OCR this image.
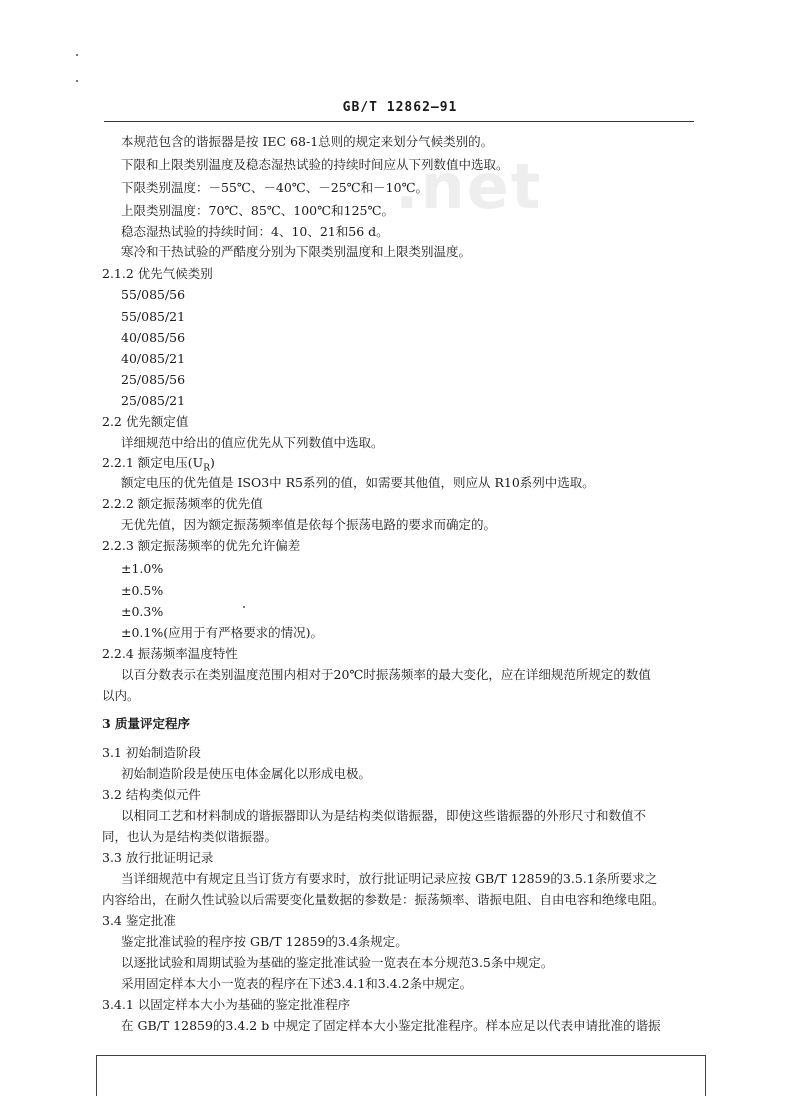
.net
GB/T 12862—91
本规范包含的谐振器是按 IEC 68-1总则的规定来划分气候类别的。
下限和上限类别温度及稳态湿热试验的持续时间应从下列数值中选取。
下限类别温度：－55℃、－40℃、－25℃和－10℃。
上限类别温度：70℃、85℃、100℃和125℃。
稳态湿热试验的持续时间：4、10、21和56 d。
寒冷和干热试验的严酷度分别为下限类别温度和上限类别温度。
2.1.2 优先气候类别
55/085/56
55/085/21
40/085/56
40/085/21
25/085/56
25/085/21
2.2 优先额定值
详细规范中给出的值应优先从下列数值中选取。
2.2.1 额定电压$(U_R)$
额定电压的优先值是 ISO3中 R5系列的值，如需要其他值，则应从 R10系列中选取。
2.2.2 额定振荡频率的优先值
无优先值，因为额定振荡频率值是依每个振荡电路的要求而确定的。
2.2.3 额定振荡频率的优先允许偏差
±1.0%
±0.5%
±0.3%
±0.1%(应用于有严格要求的情况)。
2.2.4 振荡频率温度特性
以百分数表示在类别温度范围内相对于20℃时振荡频率的最大变化，应在详细规范所规定的数值
以内。
3 质量评定程序
3.1 初始制造阶段
初始制造阶段是使压电体金属化以形成电极。
3.2 结构类似元件
以相同工艺和材料制成的谐振器即认为是结构类似谐振器，即使这些谐振器的外形尺寸和数值不
同，也认为是结构类似谐振器。
3.3 放行批证明记录
当详细规范中有规定且当订货方有要求时，放行批证明记录应按 GB/T 12859的3.5.1条所要求之
内容给出，在耐久性试验以后需要变化量数据的参数是：振荡频率、谐振电阻、自由电容和绝缘电阻。
3.4 鉴定批准
鉴定批准试验的程序按 GB/T 12859的3.4条规定。
以逐批试验和周期试验为基础的鉴定批准试验一览表在本分规范3.5条中规定。
采用固定样本大小一览表的程序在下述3.4.1和3.4.2条中规定。
3.4.1 以固定样本大小为基础的鉴定批准程序
在 GB/T 12859的3.4.2 b 中规定了固定样本大小鉴定批准程序。样本应足以代表申请批准的谐振
